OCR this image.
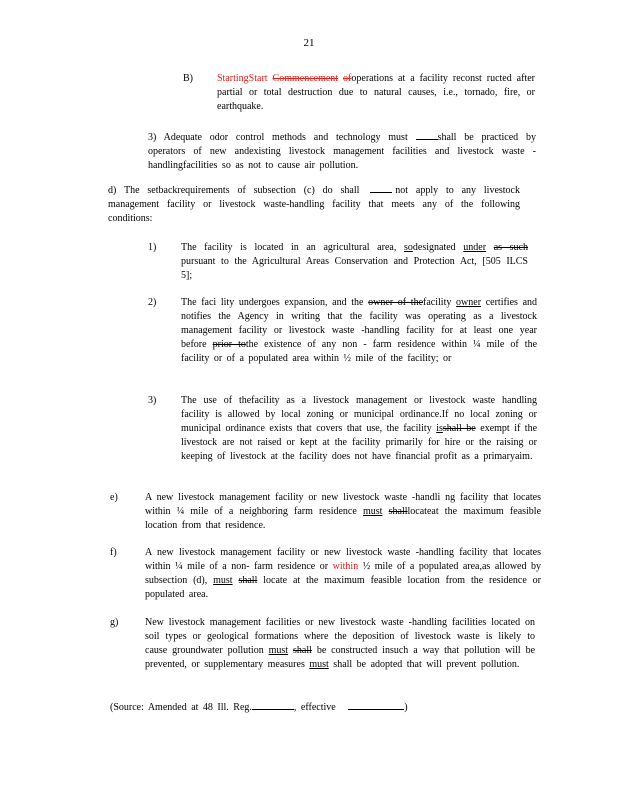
21
B) StartingStart Commencement ofoperations at a facility reconst ructed after partial or total destruction due to natural causes, i.e., tornado, fire, or earthquake.
3) Adequate odor control methods and technology must	shall be practiced by operators of new andexisting livestock management facilities and livestock waste -handlingfacilities so as not to cause air pollution.
d) The setbackrequirements of subsection (c) do shall	not apply to any livestock management facility or livestock waste-handling facility that meets any of the following conditions:
1) The facility is located in an agricultural area, sodesignated under as such pursuant to the Agricultural Areas Conservation and Protection Act, [505 ILCS 5];
2) The faci lity undergoes expansion, and the owner of thefacility owner certifies and notifies the Agency in writing that the facility was operating as a livestock management facility or livestock waste -handling facility for at least one year before prior tothe existence of any non - farm residence within ¼ mile of the facility or of a populated area within ½ mile of the facility; or
3) The use of thefacility as a livestock management or livestock waste handling facility is allowed by local zoning or municipal ordinance.If no local zoning or municipal ordinance exists that covers that use, the facility isshall be exempt if the livestock are not raised or kept at the facility primarily for hire or the raising or keeping of livestock at the facility does not have financial profit as a primaryaim.
e)	A new livestock management facility or new livestock waste -handli ng facility that locates within ¼ mile of a neighboring farm residence must shalllocateat the maximum feasible location from that residence.
f)	A new livestock management facility or new livestock waste -handling facility that locates within ¼ mile of a non- farm residence or within ½ mile of a populated area,as allowed by subsection (d), must shall locate at the maximum feasible location from the residence or populated area.
g)	New livestock management facilities or new livestock waste -handling facilities located on soil types or geological formations where the deposition of livestock waste is likely to cause groundwater pollution must shall be constructed insuch a way that pollution will be prevented, or supplementary measures must shall be adopted that will prevent pollution.
(Source: Amended at 48 Ill. Reg.	, effective	)
